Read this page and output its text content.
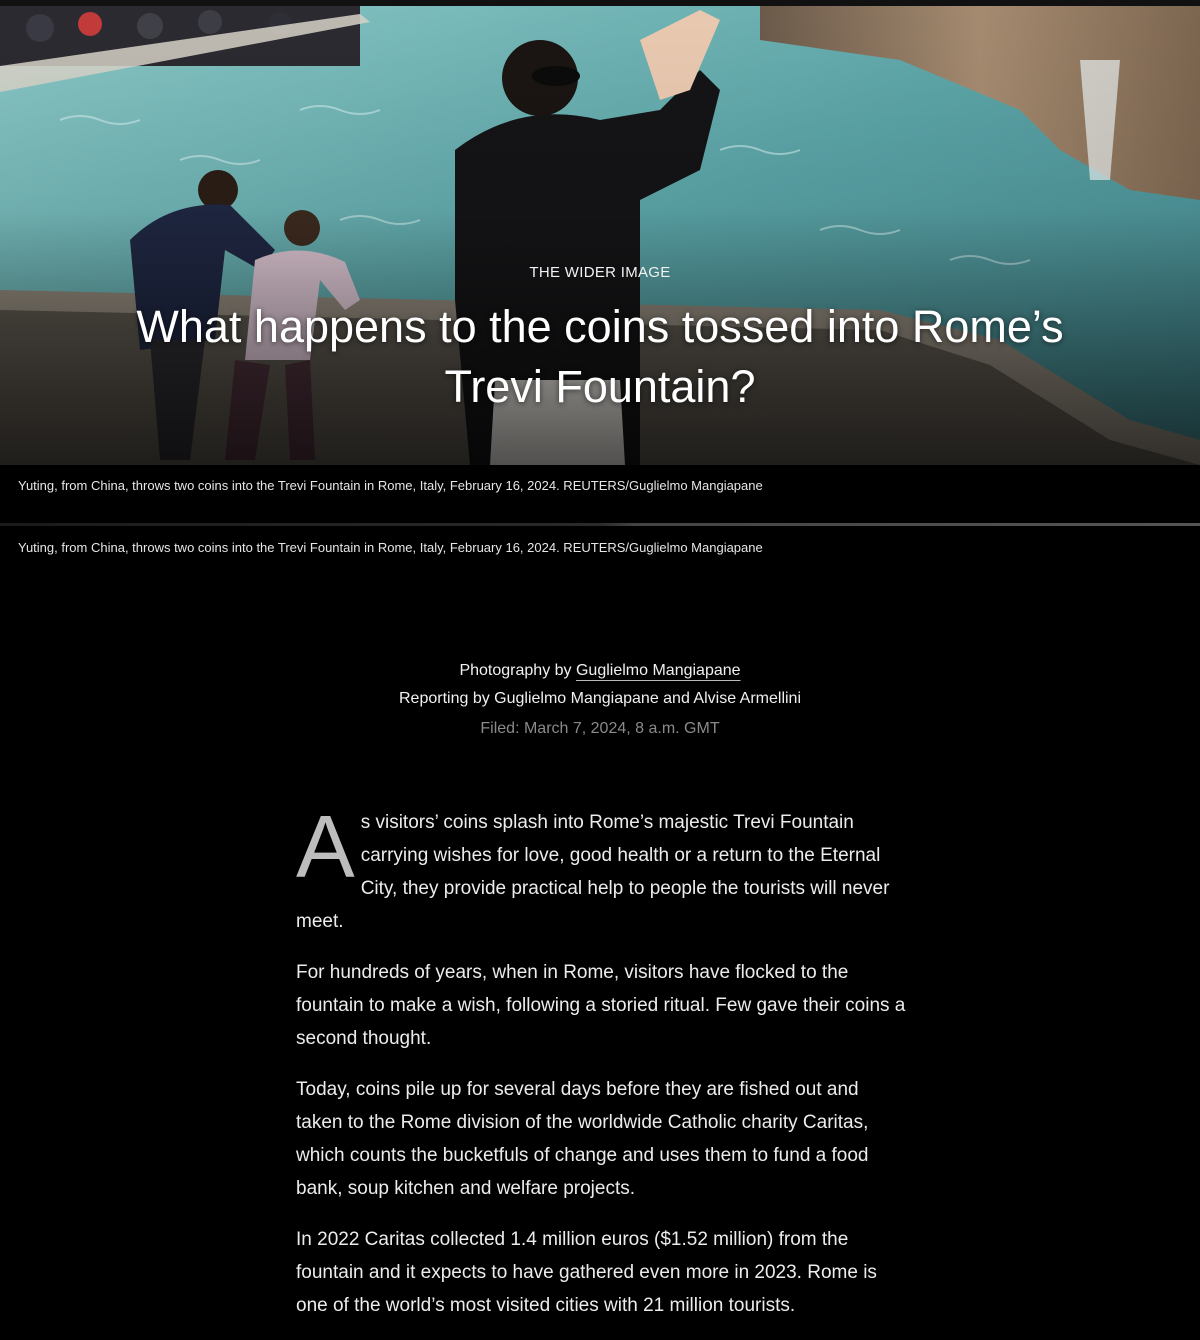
THE WIDER IMAGE
What happens to the coins tossed into Rome’s Trevi Fountain?
Yuting, from China, throws two coins into the Trevi Fountain in Rome, Italy, February 16, 2024. REUTERS/Guglielmo Mangiapane
Yuting, from China, throws two coins into the Trevi Fountain in Rome, Italy, February 16, 2024. REUTERS/Guglielmo Mangiapane
Photography by Guglielmo Mangiapane
Reporting by Guglielmo Mangiapane and Alvise Armellini
Filed: March 7, 2024, 8 a.m. GMT

A s visitors’ coins splash into Rome’s majestic Trevi Fountain carrying wishes for love, good health or a return to the Eternal City, they provide practical help to people the tourists will never meet.

For hundreds of years, when in Rome, visitors have flocked to the fountain to make a wish, following a storied ritual. Few gave their coins a second thought.

Today, coins pile up for several days before they are fished out and taken to the Rome division of the worldwide Catholic charity Caritas, which counts the bucketfuls of change and uses them to fund a food bank, soup kitchen and welfare projects.

In 2022 Caritas collected 1.4 million euros ($1.52 million) from the fountain and it expects to have gathered even more in 2023. Rome is one of the world’s most visited cities with 21 million tourists.
